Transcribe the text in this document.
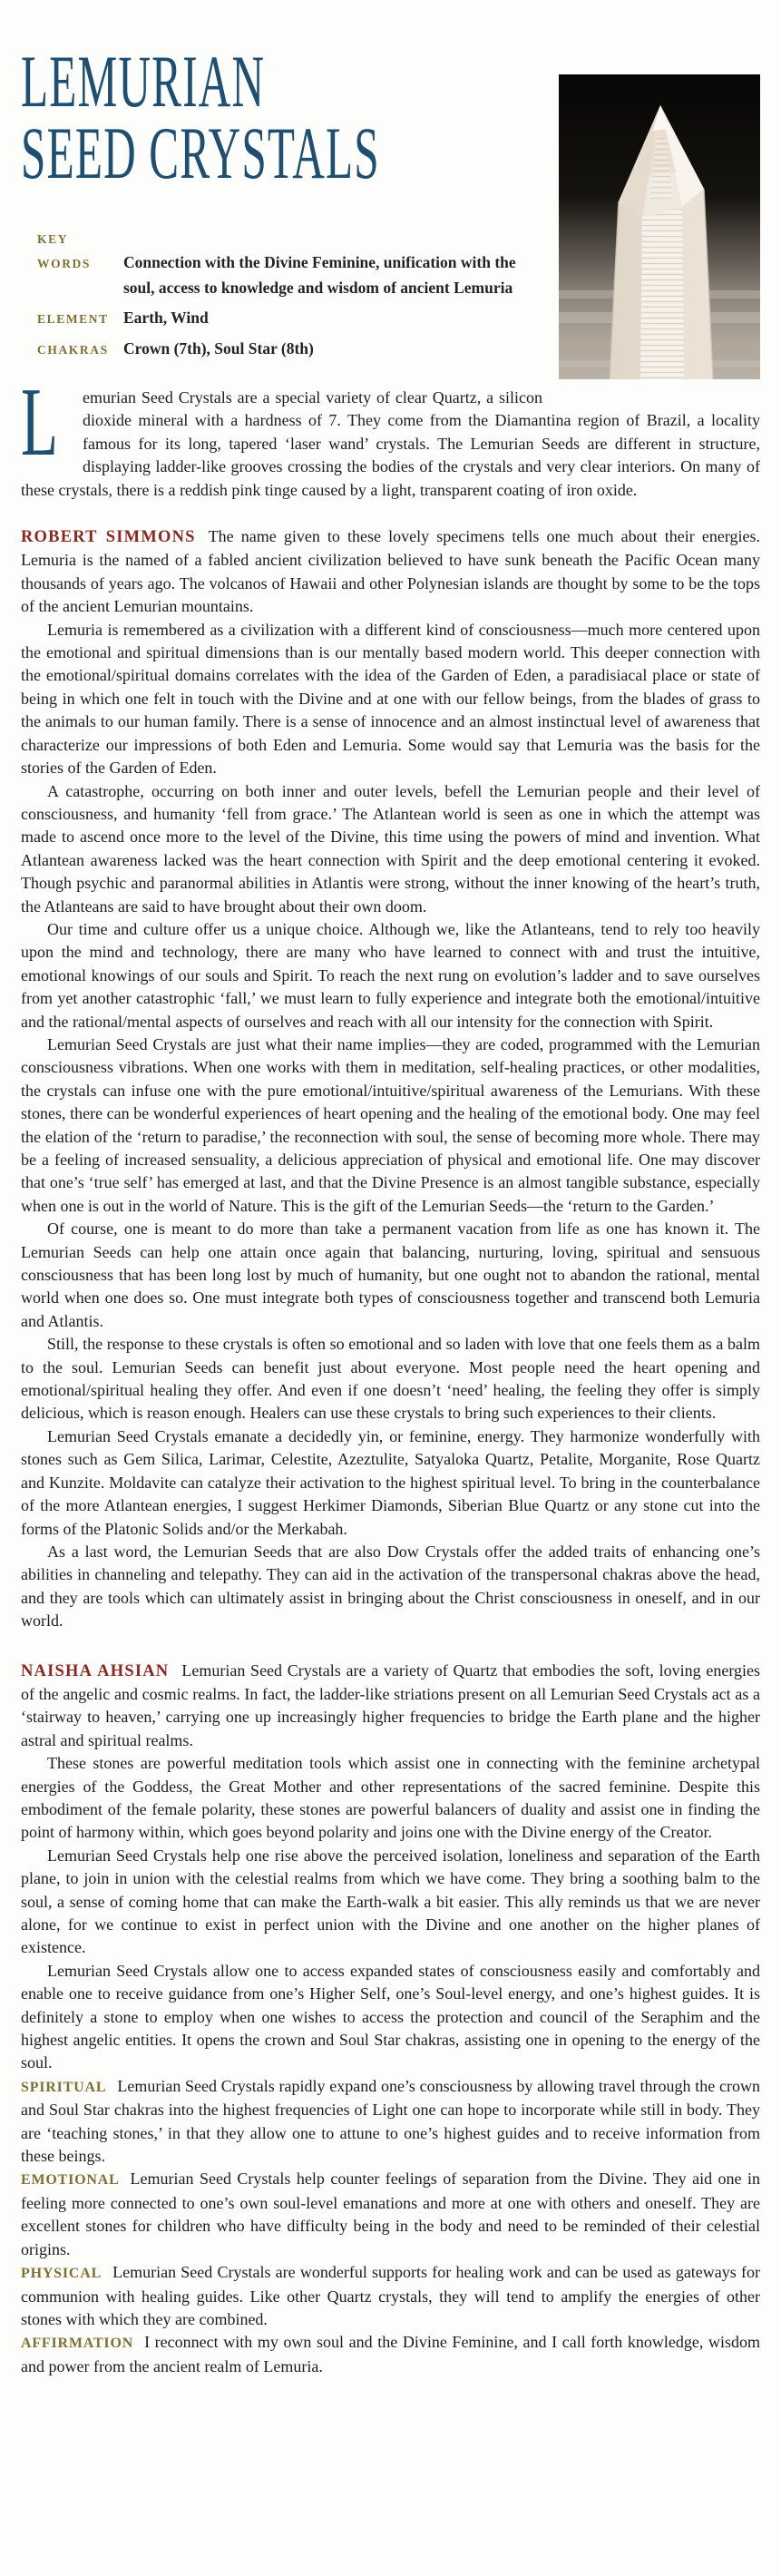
LEMURIAN
SEED CRYSTALS
KEY WORDS Connection with the Divine Feminine, unification with the soul, access to knowledge and wisdom of ancient Lemuria
ELEMENT Earth, Wind
CHAKRAS Crown (7th), Soul Star (8th)

L emurian Seed Crystals are a special variety of clear Quartz, a silicon dioxide mineral with a hardness of 7. They come from the Diamantina region of Brazil, a locality famous for its long, tapered ‘laser wand’ crystals. The Lemurian Seeds are different in structure, displaying ladder-like grooves crossing the bodies of the crystals and very clear interiors. On many of these crystals, there is a reddish pink tinge caused by a light, transparent coating of iron oxide.

ROBERT SIMMONS The name given to these lovely specimens tells one much about their energies. Lemuria is the named of a fabled ancient civilization believed to have sunk beneath the Pacific Ocean many thousands of years ago. The volcanos of Hawaii and other Polynesian islands are thought by some to be the tops of the ancient Lemurian mountains.

Lemuria is remembered as a civilization with a different kind of consciousness—much more centered upon the emotional and spiritual dimensions than is our mentally based modern world. This deeper connection with the emotional/spiritual domains correlates with the idea of the Garden of Eden, a paradisiacal place or state of being in which one felt in touch with the Divine and at one with our fellow beings, from the blades of grass to the animals to our human family. There is a sense of innocence and an almost instinctual level of awareness that characterize our impressions of both Eden and Lemuria. Some would say that Lemuria was the basis for the stories of the Garden of Eden.

A catastrophe, occurring on both inner and outer levels, befell the Lemurian people and their level of consciousness, and humanity ‘fell from grace.’ The Atlantean world is seen as one in which the attempt was made to ascend once more to the level of the Divine, this time using the powers of mind and invention. What Atlantean awareness lacked was the heart connection with Spirit and the deep emotional centering it evoked. Though psychic and paranormal abilities in Atlantis were strong, without the inner knowing of the heart’s truth, the Atlanteans are said to have brought about their own doom.

Our time and culture offer us a unique choice. Although we, like the Atlanteans, tend to rely too heavily upon the mind and technology, there are many who have learned to connect with and trust the intuitive, emotional knowings of our souls and Spirit. To reach the next rung on evolution’s ladder and to save ourselves from yet another catastrophic ‘fall,’ we must learn to fully experience and integrate both the emotional/intuitive and the rational/mental aspects of ourselves and reach with all our intensity for the connection with Spirit.

Lemurian Seed Crystals are just what their name implies—they are coded, programmed with the Lemurian consciousness vibrations. When one works with them in meditation, self-healing practices, or other modalities, the crystals can infuse one with the pure emotional/intuitive/spiritual awareness of the Lemurians. With these stones, there can be wonderful experiences of heart opening and the healing of the emotional body. One may feel the elation of the ‘return to paradise,’ the reconnection with soul, the sense of becoming more whole. There may be a feeling of increased sensuality, a delicious appreciation of physical and emotional life. One may discover that one’s ‘true self’ has emerged at last, and that the Divine Presence is an almost tangible substance, especially when one is out in the world of Nature. This is the gift of the Lemurian Seeds—the ‘return to the Garden.’

Of course, one is meant to do more than take a permanent vacation from life as one has known it. The Lemurian Seeds can help one attain once again that balancing, nurturing, loving, spiritual and sensuous consciousness that has been long lost by much of humanity, but one ought not to abandon the rational, mental world when one does so. One must integrate both types of consciousness together and transcend both Lemuria and Atlantis.

Still, the response to these crystals is often so emotional and so laden with love that one feels them as a balm to the soul. Lemurian Seeds can benefit just about everyone. Most people need the heart opening and emotional/spiritual healing they offer. And even if one doesn’t ‘need’ healing, the feeling they offer is simply delicious, which is reason enough. Healers can use these crystals to bring such experiences to their clients.

Lemurian Seed Crystals emanate a decidedly yin, or feminine, energy. They harmonize wonderfully with stones such as Gem Silica, Larimar, Celestite, Azeztulite, Satyaloka Quartz, Petalite, Morganite, Rose Quartz and Kunzite. Moldavite can catalyze their activation to the highest spiritual level. To bring in the counterbalance of the more Atlantean energies, I suggest Herkimer Diamonds, Siberian Blue Quartz or any stone cut into the forms of the Platonic Solids and/or the Merkabah.

As a last word, the Lemurian Seeds that are also Dow Crystals offer the added traits of enhancing one’s abilities in channeling and telepathy. They can aid in the activation of the transpersonal chakras above the head, and they are tools which can ultimately assist in bringing about the Christ consciousness in oneself, and in our world.

NAISHA AHSIAN Lemurian Seed Crystals are a variety of Quartz that embodies the soft, loving energies of the angelic and cosmic realms. In fact, the ladder-like striations present on all Lemurian Seed Crystals act as a ‘stairway to heaven,’ carrying one up increasingly higher frequencies to bridge the Earth plane and the higher astral and spiritual realms.

These stones are powerful meditation tools which assist one in connecting with the feminine archetypal energies of the Goddess, the Great Mother and other representations of the sacred feminine. Despite this embodiment of the female polarity, these stones are powerful balancers of duality and assist one in finding the point of harmony within, which goes beyond polarity and joins one with the Divine energy of the Creator.

Lemurian Seed Crystals help one rise above the perceived isolation, loneliness and separation of the Earth plane, to join in union with the celestial realms from which we have come. They bring a soothing balm to the soul, a sense of coming home that can make the Earth-walk a bit easier. This ally reminds us that we are never alone, for we continue to exist in perfect union with the Divine and one another on the higher planes of existence.

Lemurian Seed Crystals allow one to access expanded states of consciousness easily and comfortably and enable one to receive guidance from one’s Higher Self, one’s Soul-level energy, and one’s highest guides. It is definitely a stone to employ when one wishes to access the protection and council of the Seraphim and the highest angelic entities. It opens the crown and Soul Star chakras, assisting one in opening to the energy of the soul.

SPIRITUAL Lemurian Seed Crystals rapidly expand one’s consciousness by allowing travel through the crown and Soul Star chakras into the highest frequencies of Light one can hope to incorporate while still in body. They are ‘teaching stones,’ in that they allow one to attune to one’s highest guides and to receive information from these beings.

EMOTIONAL Lemurian Seed Crystals help counter feelings of separation from the Divine. They aid one in feeling more connected to one’s own soul-level emanations and more at one with others and oneself. They are excellent stones for children who have difficulty being in the body and need to be reminded of their celestial origins.

PHYSICAL Lemurian Seed Crystals are wonderful supports for healing work and can be used as gateways for communion with healing guides. Like other Quartz crystals, they will tend to amplify the energies of other stones with which they are combined.

AFFIRMATION I reconnect with my own soul and the Divine Feminine, and I call forth knowledge, wisdom and power from the ancient realm of Lemuria.
